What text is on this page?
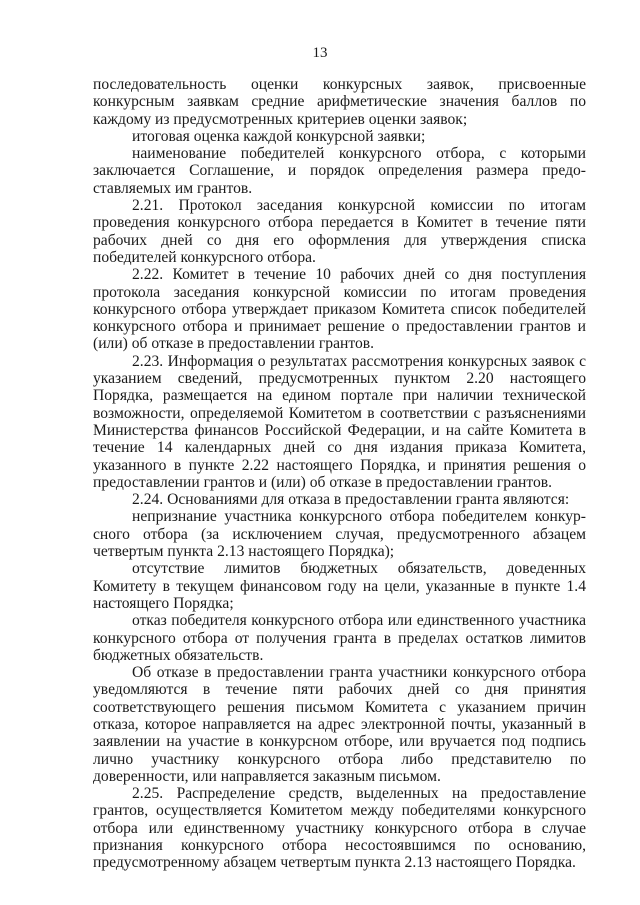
13

последовательность оценки конкурсных заявок, присвоенные конкурсным заявкам средние арифметические значения баллов по каждому из предусмотренных критериев оценки заявок;

итоговая оценка каждой конкурсной заявки;

наименование победителей конкурсного отбора, с которыми заключается Соглашение, и порядок определения размера предоставляемых им грантов.

2.21. Протокол заседания конкурсной комиссии по итогам проведения конкурсного отбора передается в Комитет в течение пяти рабочих дней со дня его оформления для утверждения списка победителей конкурсного отбора.

2.22. Комитет в течение 10 рабочих дней со дня поступления протокола заседания конкурсной комиссии по итогам проведения конкурсного отбора утверждает приказом Комитета список победителей конкурсного отбора и принимает решение о предоставлении грантов и (или) об отказе в предоставлении грантов.

2.23. Информация о результатах рассмотрения конкурсных заявок с указанием сведений, предусмотренных пунктом 2.20 настоящего Порядка, размещается на едином портале при наличии технической возможности, определяемой Комитетом в соответствии с разъяснениями Министерства финансов Российской Федерации, и на сайте Комитета в течение 14 календарных дней со дня издания приказа Комитета, указанного в пункте 2.22 настоящего Порядка, и принятия решения о предоставлении грантов и (или) об отказе в предоставлении грантов.

2.24. Основаниями для отказа в предоставлении гранта являются:

непризнание участника конкурсного отбора победителем конкурсного отбора (за исключением случая, предусмотренного абзацем четвертым пункта 2.13 настоящего Порядка);

отсутствие лимитов бюджетных обязательств, доведенных Комитету в текущем финансовом году на цели, указанные в пункте 1.4 настоящего Порядка;

отказ победителя конкурсного отбора или единственного участника конкурсного отбора от получения гранта в пределах остатков лимитов бюджетных обязательств.

Об отказе в предоставлении гранта участники конкурсного отбора уведомляются в течение пяти рабочих дней со дня принятия соответствующего решения письмом Комитета с указанием причин отказа, которое направляется на адрес электронной почты, указанный в заявлении на участие в конкурсном отборе, или вручается под подпись лично участнику конкурсного отбора либо представителю по доверенности, или направляется заказным письмом.

2.25. Распределение средств, выделенных на предоставление грантов, осуществляется Комитетом между победителями конкурсного отбора или единственному участнику конкурсного отбора в случае признания конкурсного отбора несостоявшимся по основанию, предусмотренному абзацем четвертым пункта 2.13 настоящего Порядка.
